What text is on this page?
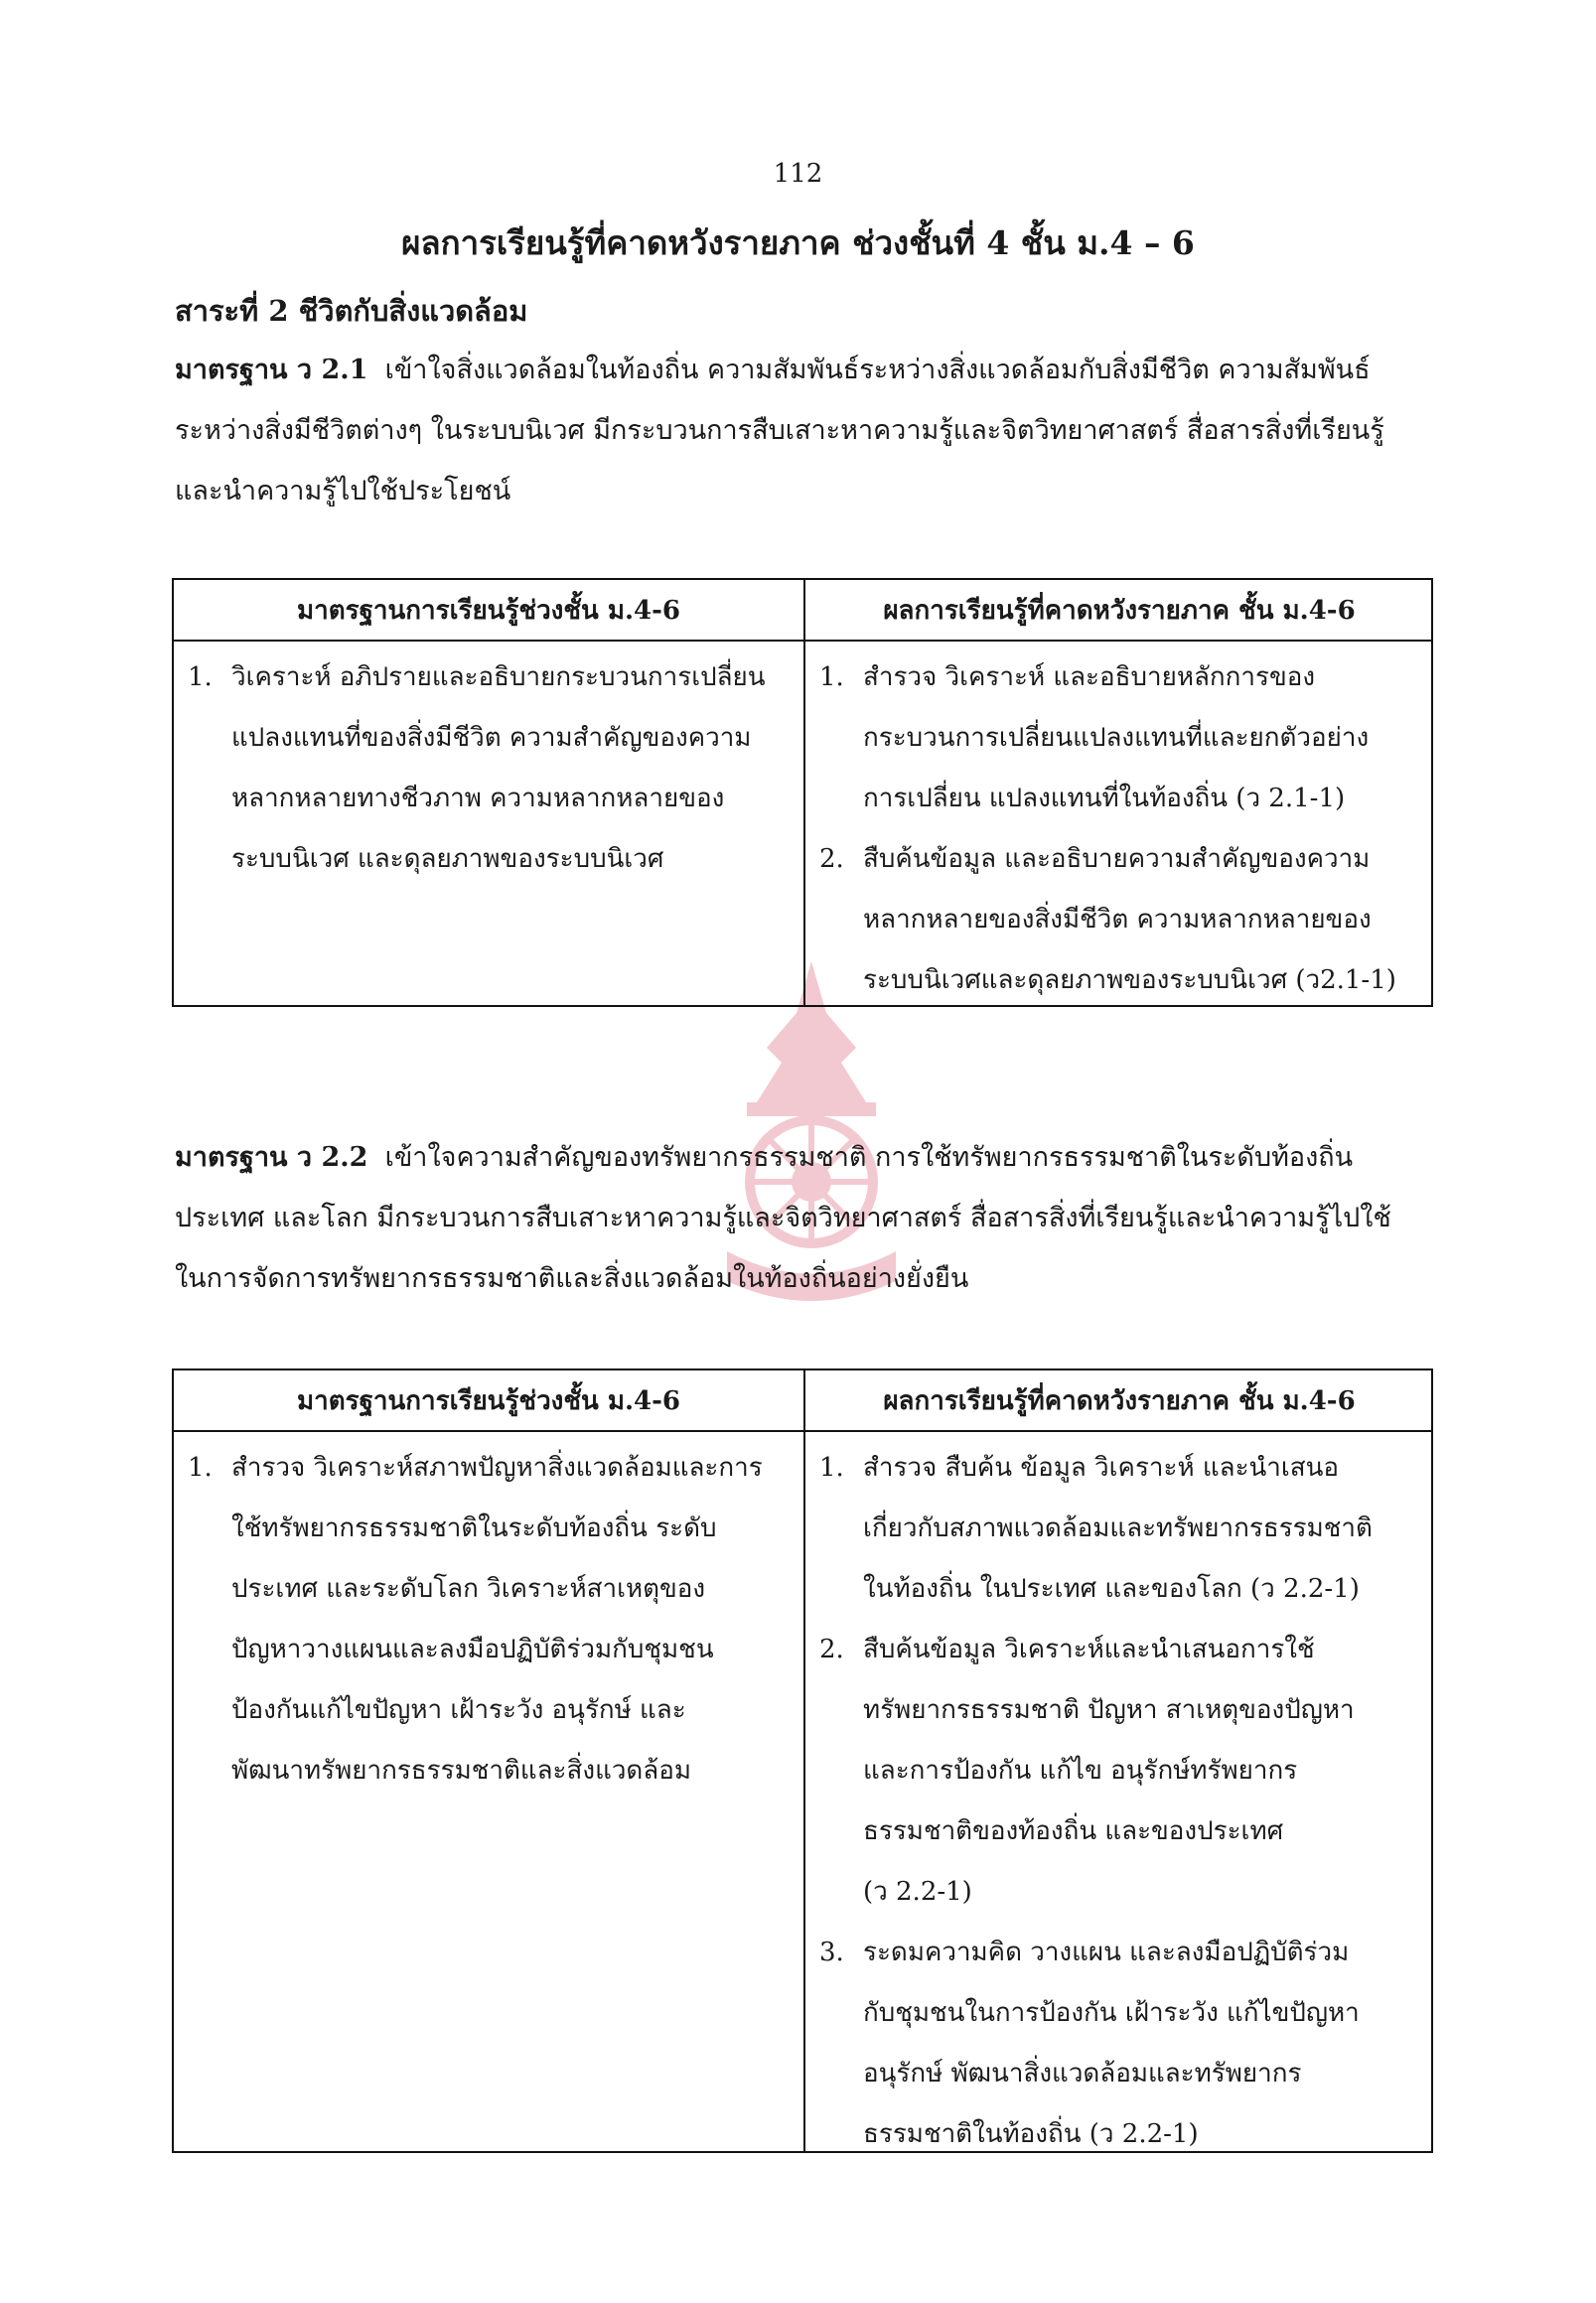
112
ผลการเรียนรู้ที่คาดหวังรายภาค ช่วงชั้นที่ 4 ชั้น ม.4 – 6
สาระที่ 2 ชีวิตกับสิ่งแวดล้อม
มาตรฐาน ว 2.1 เข้าใจสิ่งแวดล้อมในท้องถิ่น ความสัมพันธ์ระหว่างสิ่งแวดล้อมกับสิ่งมีชีวิต ความสัมพันธ์ระหว่างสิ่งมีชีวิตต่างๆ ในระบบนิเวศ มีกระบวนการสืบเสาะหาความรู้และจิตวิทยาศาสตร์ สื่อสารสิ่งที่เรียนรู้และนำความรู้ไปใช้ประโยชน์
มาตรฐานการเรียนรู้ช่วงชั้น ม.4-6	ผลการเรียนรู้ที่คาดหวังรายภาค ชั้น ม.4-6
1. วิเคราะห์ อภิปรายและอธิบายกระบวนการเปลี่ยน
แปลงแทนที่ของสิ่งมีชีวิต ความสำคัญของความ
หลากหลายทางชีวภาพ ความหลากหลายของ
ระบบนิเวศ และดุลยภาพของระบบนิเวศ
1. สำรวจ วิเคราะห์ และอธิบายหลักการของ
กระบวนการเปลี่ยนแปลงแทนที่และยกตัวอย่าง
การเปลี่ยน แปลงแทนที่ในท้องถิ่น (ว 2.1-1)
2. สืบค้นข้อมูล และอธิบายความสำคัญของความ
หลากหลายของสิ่งมีชีวิต ความหลากหลายของ
ระบบนิเวศและดุลยภาพของระบบนิเวศ (ว2.1-1)
มาตรฐาน ว 2.2 เข้าใจความสำคัญของทรัพยากรธรรมชาติ การใช้ทรัพยากรธรรมชาติในระดับท้องถิ่น ประเทศ และโลก มีกระบวนการสืบเสาะหาความรู้และจิตวิทยาศาสตร์ สื่อสารสิ่งที่เรียนรู้และนำความรู้ไปใช้ในการจัดการทรัพยากรธรรมชาติและสิ่งแวดล้อมในท้องถิ่นอย่างยั่งยืน
มาตรฐานการเรียนรู้ช่วงชั้น ม.4-6	ผลการเรียนรู้ที่คาดหวังรายภาค ชั้น ม.4-6
1. สำรวจ วิเคราะห์สภาพปัญหาสิ่งแวดล้อมและการ
ใช้ทรัพยากรธรรมชาติในระดับท้องถิ่น ระดับ
ประเทศ และระดับโลก วิเคราะห์สาเหตุของ
ปัญหาวางแผนและลงมือปฏิบัติร่วมกับชุมชน
ป้องกันแก้ไขปัญหา เฝ้าระวัง อนุรักษ์ และ
พัฒนาทรัพยากรธรรมชาติและสิ่งแวดล้อม
1. สำรวจ สืบค้น ข้อมูล วิเคราะห์ และนำเสนอ
เกี่ยวกับสภาพแวดล้อมและทรัพยากรธรรมชาติ
ในท้องถิ่น ในประเทศ และของโลก (ว 2.2-1)
2. สืบค้นข้อมูล วิเคราะห์และนำเสนอการใช้
ทรัพยากรธรรมชาติ ปัญหา สาเหตุของปัญหา
และการป้องกัน แก้ไข อนุรักษ์ทรัพยากร
ธรรมชาติของท้องถิ่น และของประเทศ
(ว 2.2-1)
3. ระดมความคิด วางแผน และลงมือปฏิบัติร่วม
กับชุมชนในการป้องกัน เฝ้าระวัง แก้ไขปัญหา
อนุรักษ์ พัฒนาสิ่งแวดล้อมและทรัพยากร
ธรรมชาติในท้องถิ่น (ว 2.2-1)
